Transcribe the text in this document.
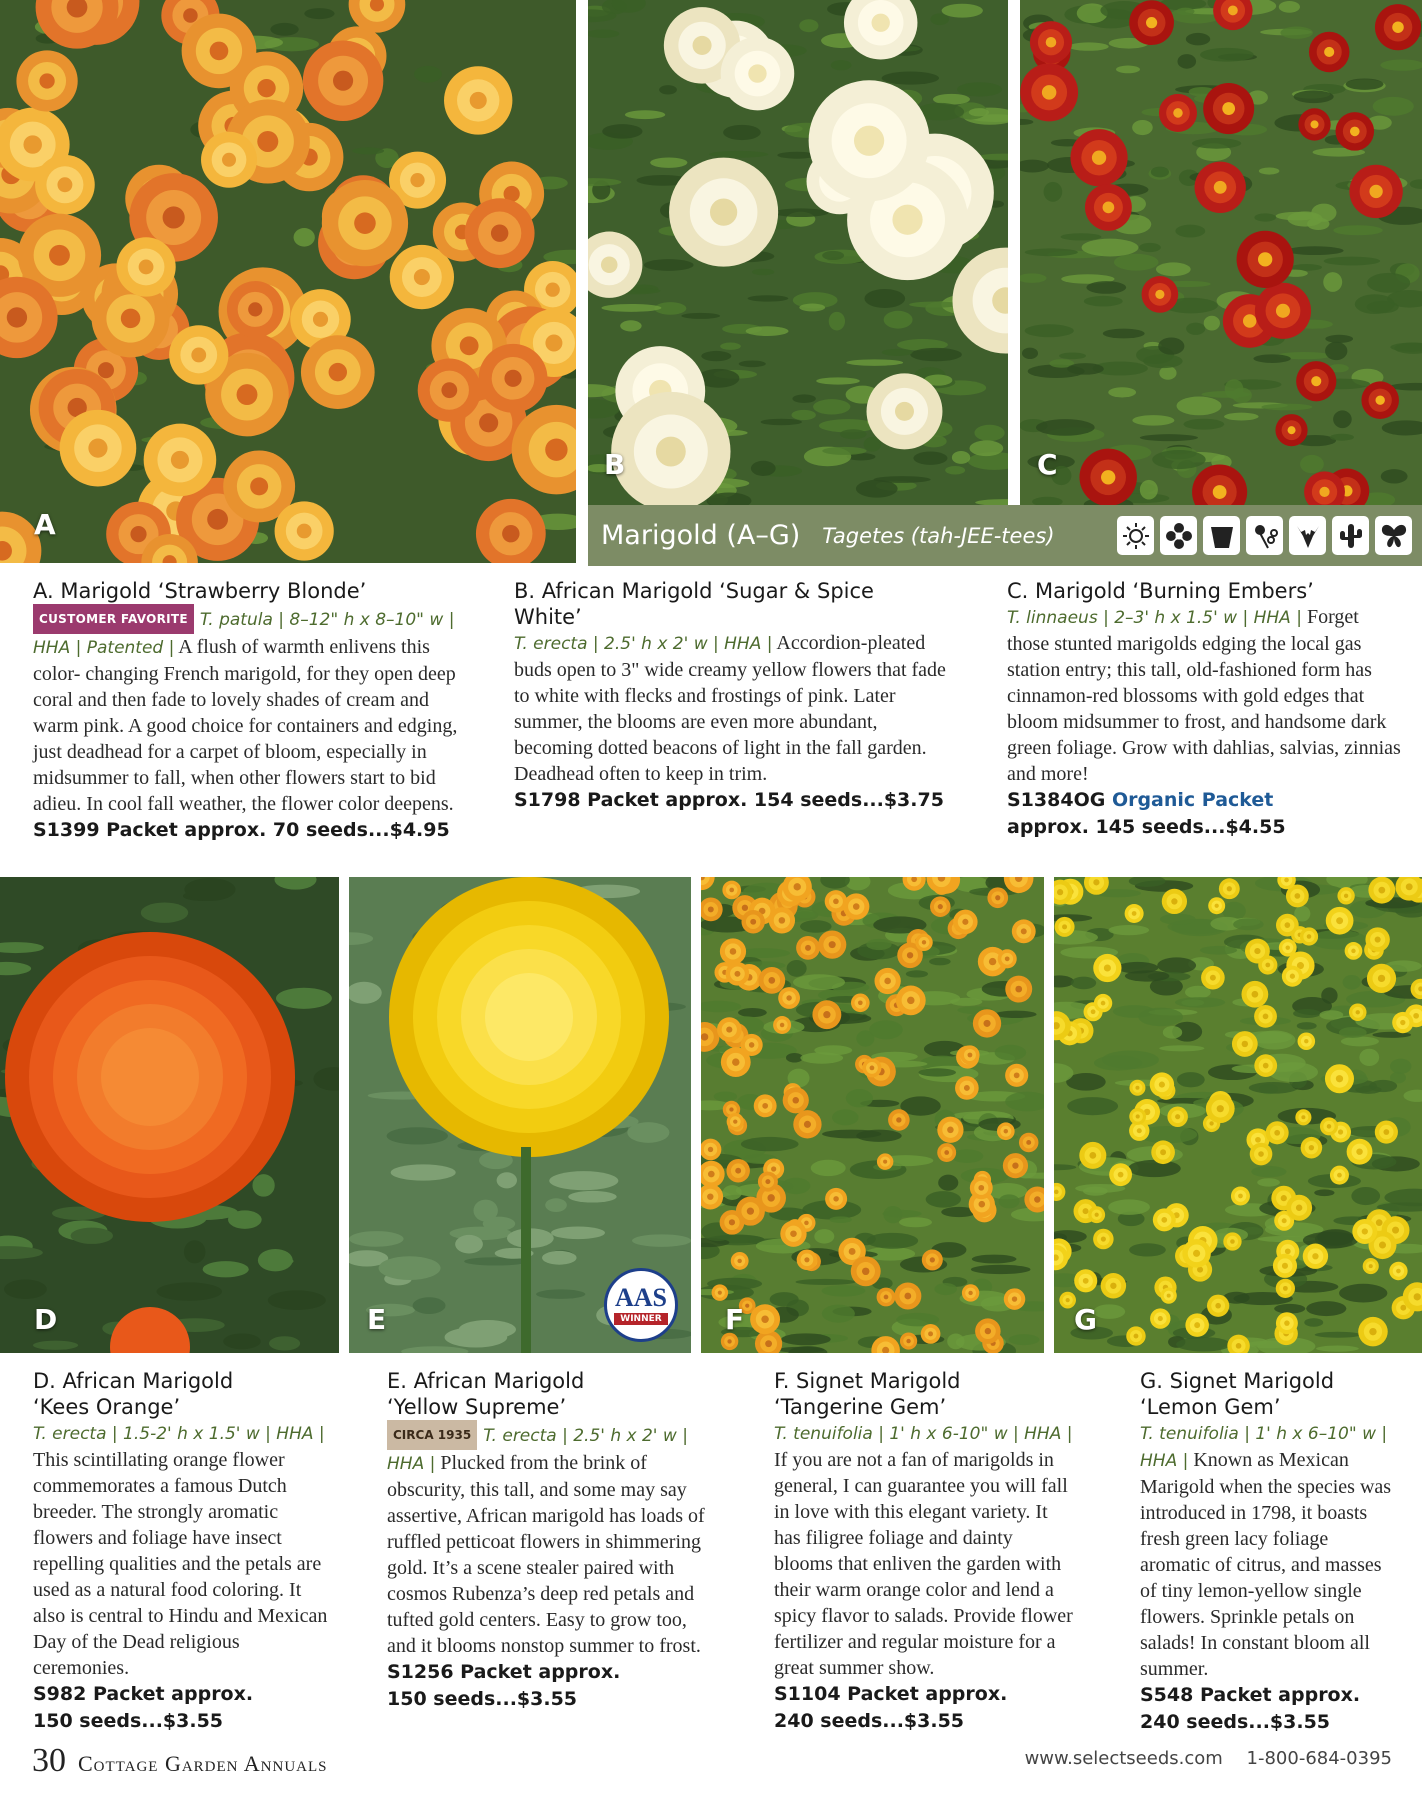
A
B	C
Marigold (A–G) Tagetes (tah-JEE-tees)
A. Marigold ‘Strawberry Blonde’
CUSTOMER FAVORITE T. patula | 8–12" h x 8–10" w | HHA | Patented | A flush of warmth enlivens this color- changing French marigold, for they open deep coral and then fade to lovely shades of cream and warm pink. A good choice for containers and edging, just deadhead for a carpet of bloom, especially in midsummer to fall, when other flowers start to bid adieu. In cool fall weather, the flower color deepens.
S1399 Packet approx. 70 seeds...$4.95
B. African Marigold ‘Sugar & Spice White’
T. erecta | 2.5' h x 2' w | HHA | Accordion-pleated buds open to 3" wide creamy yellow flowers that fade to white with flecks and frostings of pink. Later summer, the blooms are even more abundant, becoming dotted beacons of light in the fall garden. Deadhead often to keep in trim.
S1798 Packet approx. 154 seeds...$3.75
C. Marigold ‘Burning Embers’
T. linnaeus | 2–3' h x 1.5' w | HHA | Forget those stunted marigolds edging the local gas station entry; this tall, old-fashioned form has cinnamon-red blossoms with gold edges that bloom midsummer to frost, and handsome dark green foliage. Grow with dahlias, salvias, zinnias and more!
S1384OG Organic Packet
approx. 145 seeds...$4.55
D	E
AAS
WINNER F	G
D. African Marigold
‘Kees Orange’
T. erecta | 1.5-2' h x 1.5' w | HHA | This scintillating orange flower commemorates a famous Dutch breeder. The strongly aromatic flowers and foliage have insect repelling qualities and the petals are used as a natural food coloring. It also is central to Hindu and Mexican Day of the Dead religious ceremonies.
S982 Packet approx.
150 seeds...$3.55
E. African Marigold
‘Yellow Supreme’
CIRCA 1935 T. erecta | 2.5' h x 2' w | HHA | Plucked from the brink of obscurity, this tall, and some may say assertive, African marigold has loads of ruffled petticoat flowers in shimmering gold. It’s a scene stealer paired with cosmos Rubenza’s deep red petals and tufted gold centers. Easy to grow too, and it blooms nonstop summer to frost.
S1256 Packet approx.
150 seeds...$3.55
F. Signet Marigold
‘Tangerine Gem’
T. tenuifolia | 1' h x 6-10" w | HHA | If you are not a fan of marigolds in general, I can guarantee you will fall in love with this elegant variety. It has filigree foliage and dainty blooms that enliven the garden with their warm orange color and lend a spicy flavor to salads. Provide flower fertilizer and regular moisture for a great summer show.
S1104 Packet approx.
240 seeds...$3.55
G. Signet Marigold
‘Lemon Gem’
T. tenuifolia | 1' h x 6–10" w | HHA | Known as Mexican Marigold when the species was introduced in 1798, it boasts fresh green lacy foliage aromatic of citrus, and masses of tiny lemon-yellow single flowers. Sprinkle petals on salads! In constant bloom all summer.
S548 Packet approx.
240 seeds...$3.55
30 Cottage Garden Annuals	www.selectseeds.com 1-800-684-0395
